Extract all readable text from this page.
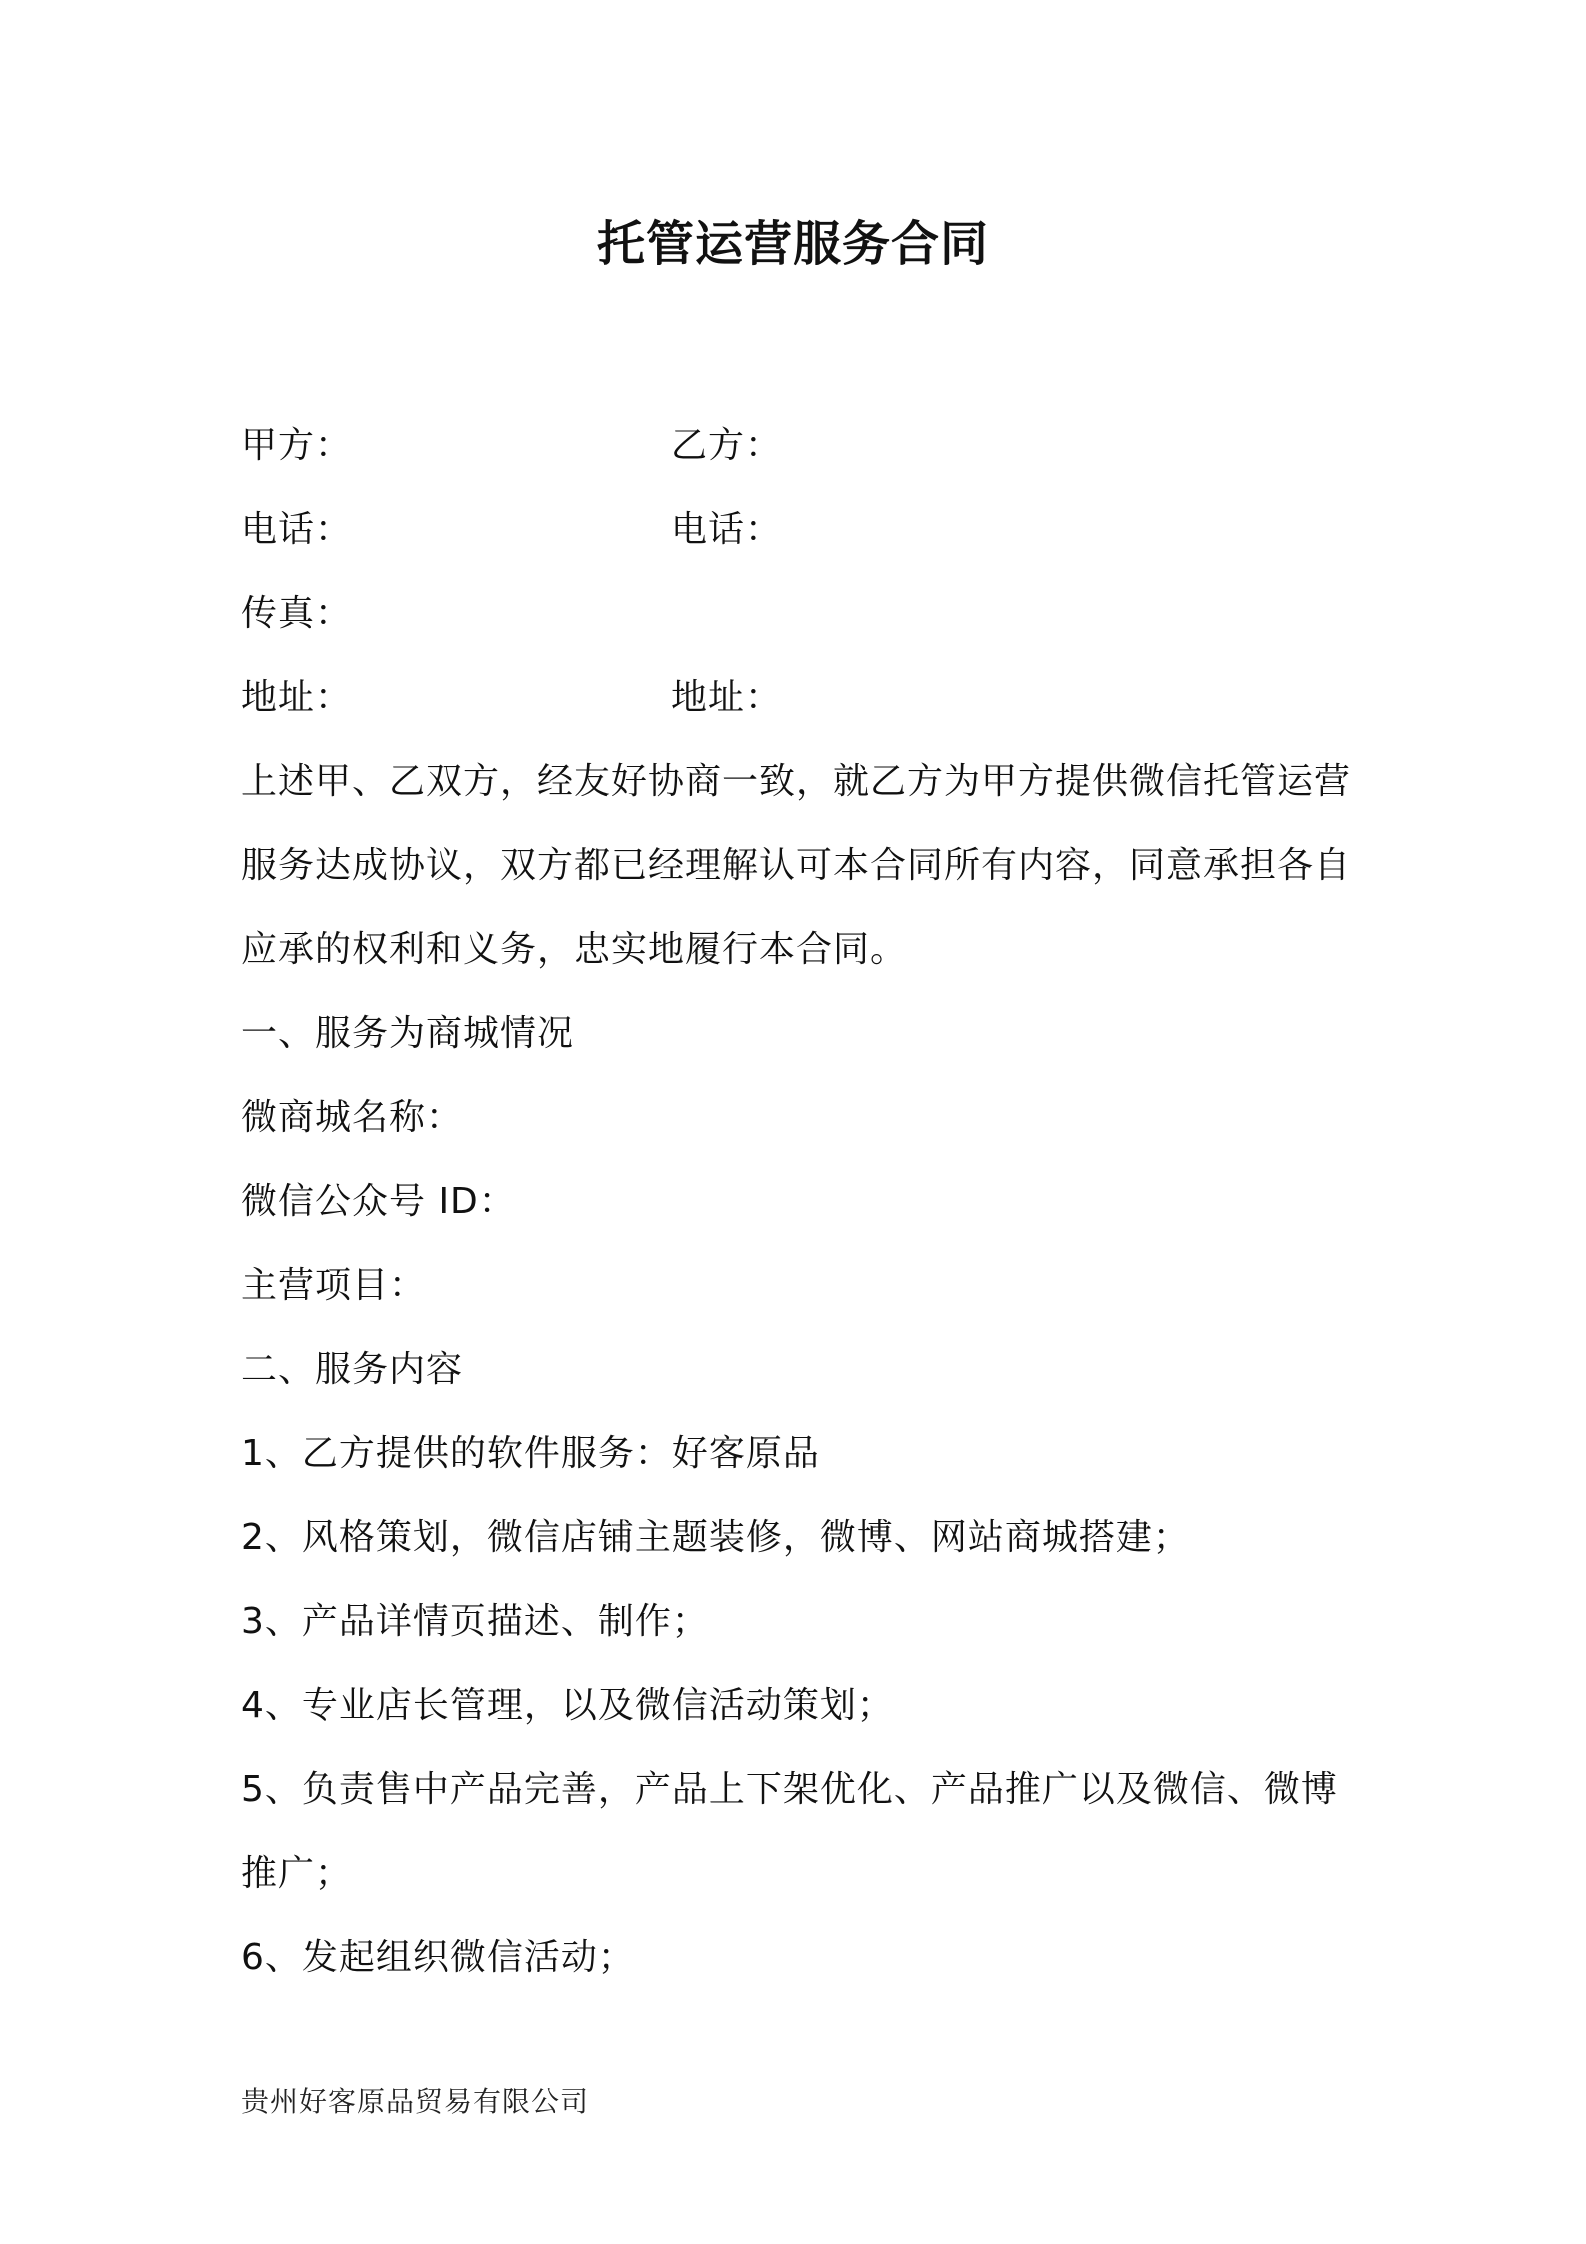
托管运营服务合同
甲方：	乙方：
电话：	电话：
传真：
地址：	地址：
上述甲、乙双方，经友好协商一致，就乙方为甲方提供微信托管运营
服务达成协议，双方都已经理解认可本合同所有内容，同意承担各自
应承的权利和义务，忠实地履行本合同。
一、服务为商城情况
微商城名称：
微信公众号 ID：
主营项目：
二、服务内容
1、乙方提供的软件服务：好客原品
2、风格策划，微信店铺主题装修，微博、网站商城搭建；
3、产品详情页描述、制作；
4、专业店长管理，以及微信活动策划；
5、负责售中产品完善，产品上下架优化、产品推广以及微信、微博
推广；
6、发起组织微信活动；
贵州好客原品贸易有限公司
